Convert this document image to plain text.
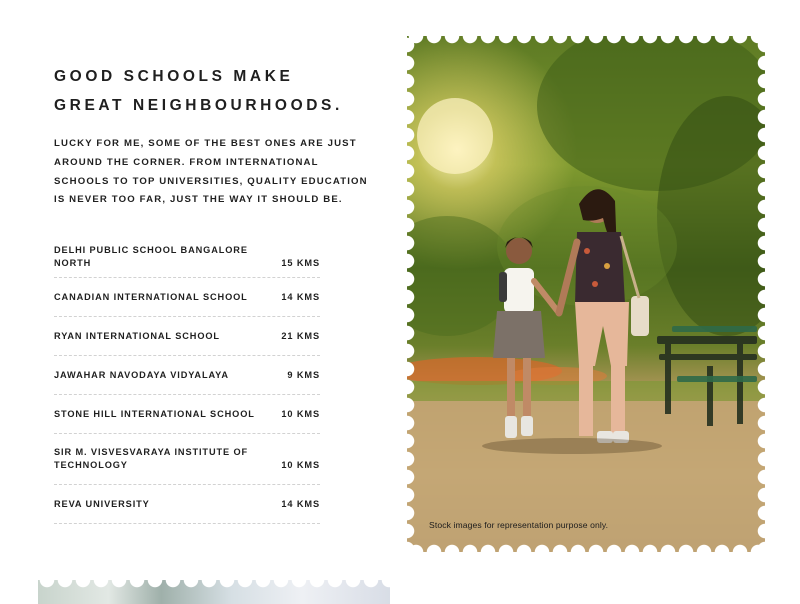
GOOD SCHOOLS MAKE
GREAT NEIGHBOURHOODS.

LUCKY FOR ME, SOME OF THE BEST ONES ARE JUST
AROUND THE CORNER. FROM INTERNATIONAL
SCHOOLS TO TOP UNIVERSITIES, QUALITY EDUCATION
IS NEVER TOO FAR, JUST THE WAY IT SHOULD BE.

DELHI PUBLIC SCHOOL BANGALORE NORTH	15 KMS
CANADIAN INTERNATIONAL SCHOOL	14 KMS
RYAN INTERNATIONAL SCHOOL	21 KMS
JAWAHAR NAVODAYA VIDYALAYA	9 KMS
STONE HILL INTERNATIONAL SCHOOL	10 KMS
SIR M. VISVESVARAYA INSTITUTE OF TECHNOLOGY	10 KMS
REVA UNIVERSITY	14 KMS
Stock images for representation purpose only.
